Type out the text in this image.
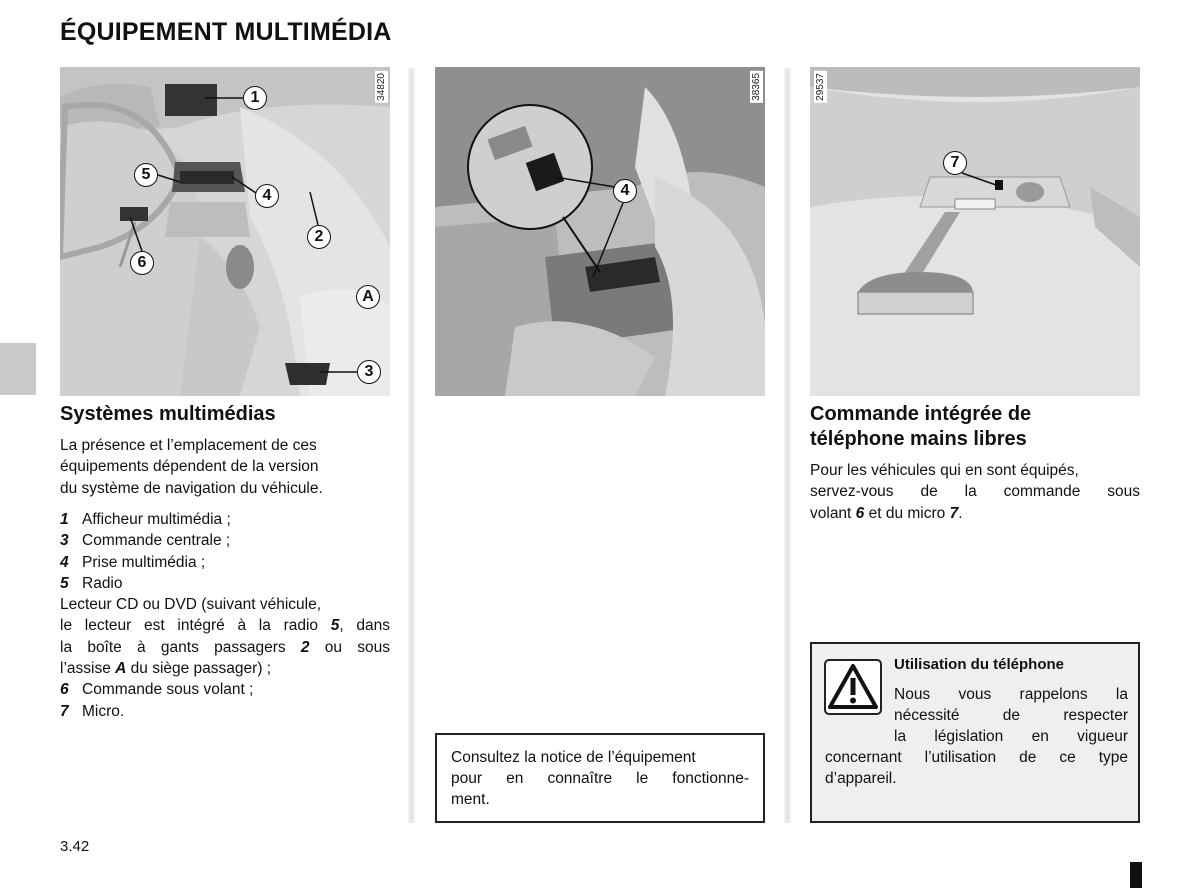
ÉQUIPEMENT MULTIMÉDIA
34820
1
5
4
2
6
A
3
38365
4
29537
7
Systèmes multimédias
La présence et l’emplacement de ces
équipements dépendent de la version
du système de navigation du véhicule.
1 Afficheur multimédia ;
3 Commande centrale ;
4 Prise multimédia ;
5 Radio
Lecteur CD ou DVD (suivant véhicule,
le lecteur est intégré à la radio 5, dans
la boîte à gants passagers 2 ou sous
l’assise A du siège passager) ;
6 Commande sous volant ;
7 Micro.
Consultez la notice de l’équipement
pour en connaître le fonctionne-
ment.
Commande intégrée de
téléphone mains libres
Pour les véhicules qui en sont équipés,
servez-vous de la commande sous
volant 6 et du micro 7.
Utilisation du téléphone
Nous vous rappelons la
nécessité de respecter
la législation en vigueur
concernant l’utilisation de ce type
d’appareil.
3.42
